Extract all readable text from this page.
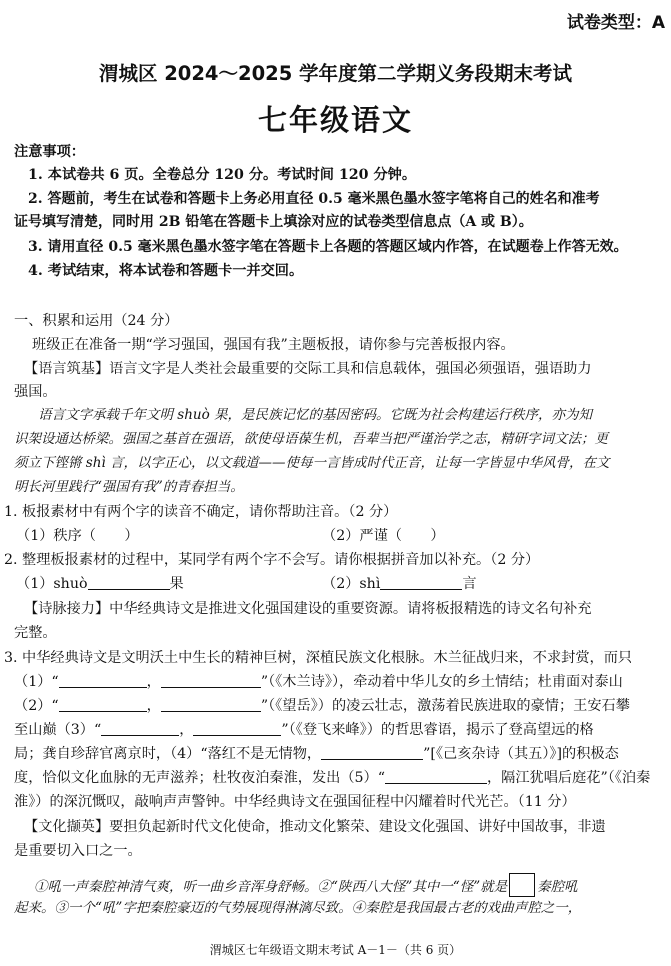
试卷类型：A
渭城区 2024～2025 学年度第二学期义务段期末考试
七年级语文
注意事项：
1. 本试卷共 6 页。全卷总分 120 分。考试时间 120 分钟。
2. 答题前，考生在试卷和答题卡上务必用直径 0.5 毫米黑色墨水签字笔将自己的姓名和准考
证号填写清楚，同时用 2B 铅笔在答题卡上填涂对应的试卷类型信息点（A 或 B）。
3. 请用直径 0.5 毫米黑色墨水签字笔在答题卡上各题的答题区域内作答，在试题卷上作答无效。
4. 考试结束，将本试卷和答题卡一并交回。
一、积累和运用（24 分）
班级正在准备一期“学习强国，强国有我”主题板报，请你参与完善板报内容。
【语言筑基】语言文字是人类社会最重要的交际工具和信息载体，强国必须强语，强语助力
强国。
语言文字承载千年文明 shuò 果，是民族记忆的基因密码。它既为社会构建运行秩序，亦为知
识架设通达桥梁。强国之基首在强语，欲使母语葆生机，吾辈当把严谨治学之志，精研字词文法；更
须立下铿锵 shì 言，以字正心，以文载道——使每一言皆成时代正音，让每一字皆显中华风骨，在文
明长河里践行“强国有我”的青春担当。
1. 板报素材中有两个字的读音不确定，请你帮助注音。（2 分）
（1）秩序（　　）	（2）严谨（　　）
2. 整理板报素材的过程中，某同学有两个字不会写。请你根据拼音加以补充。（2 分）
（1）shuò	果	（2）shì	言
【诗脉接力】中华经典诗文是推进文化强国建设的重要资源。请将板报精选的诗文名句补充
完整。
3. 中华经典诗文是文明沃土中生长的精神巨树，深植民族文化根脉。木兰征战归来，不求封赏，而只
（1）“	，	”（《木兰诗》），牵动着中华儿女的乡土情结；杜甫面对泰山
（2）“	，	”（《望岳》）的凌云壮志，激荡着民族进取的豪情；王安石攀
至山巅（3）“	，	”（《登飞来峰》）的哲思睿语，揭示了登高望远的格
局；龚自珍辞官离京时，（4）“落红不是无情物，	”[《己亥杂诗（其五）》]的积极态
度，恰似文化血脉的无声滋养；杜牧夜泊秦淮，发出（5）“	，隔江犹唱后庭花”（《泊秦
淮》）的深沉慨叹，敲响声声警钟。中华经典诗文在强国征程中闪耀着时代光芒。（11 分）
【文化撷英】要担负起新时代文化使命，推动文化繁荣、建设文化强国、讲好中国故事，非遗
是重要切入口之一。
①吼一声秦腔神清气爽，听一曲乡音浑身舒畅。②“陕西八大怪”其中一“怪”就是 秦腔吼
起来。③一个“吼”字把秦腔豪迈的气势展现得淋漓尽致。④秦腔是我国最古老的戏曲声腔之一，
渭城区七年级语文期末考试 A－1－（共 6 页）
